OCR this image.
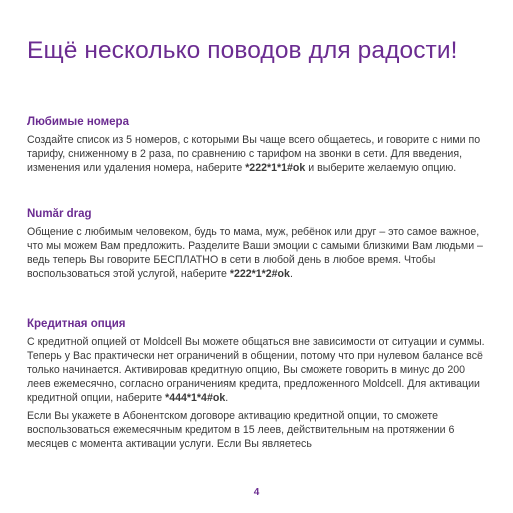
Ещё несколько поводов для радости!
Любимые номера

Создайте список из 5 номеров, с которыми Вы чаще всего общаетесь, и говорите с ними по тарифу, сниженному в 2 раза, по сравнению с тарифом на звонки в сети. Для введения, изменения или удаления номера, наберите *222*1*1#ok и выберите желаемую опцию.

Număr drag

Общение с любимым человеком, будь то мама, муж, ребёнок или друг – это самое важное, что мы можем Вам предложить. Разделите Ваши эмоции с самыми близкими Вам людьми – ведь теперь Вы говорите БЕСПЛАТНО в сети в любой день в любое время. Чтобы воспользоваться этой услугой, наберите *222*1*2#ok.

Кредитная опция

С кредитной опцией от Moldcell Вы можете общаться вне зависимости от ситуации и суммы. Теперь у Вас практически нет ограничений в общении, потому что при нулевом балансе всё только начинается. Активировав кредитную опцию, Вы сможете говорить в минус до 200 леев ежемесячно, согласно ограничениям кредита, предложенного Moldcell. Для активации кредитной опции, наберите *444*1*4#ok.

Если Вы укажете в Абонентском договоре активацию кредитной опции, то сможете воспользоваться ежемесячным кредитом в 15 леев, действительным на протяжении 6 месяцев с момента активации услуги. Если Вы являетесь

4
